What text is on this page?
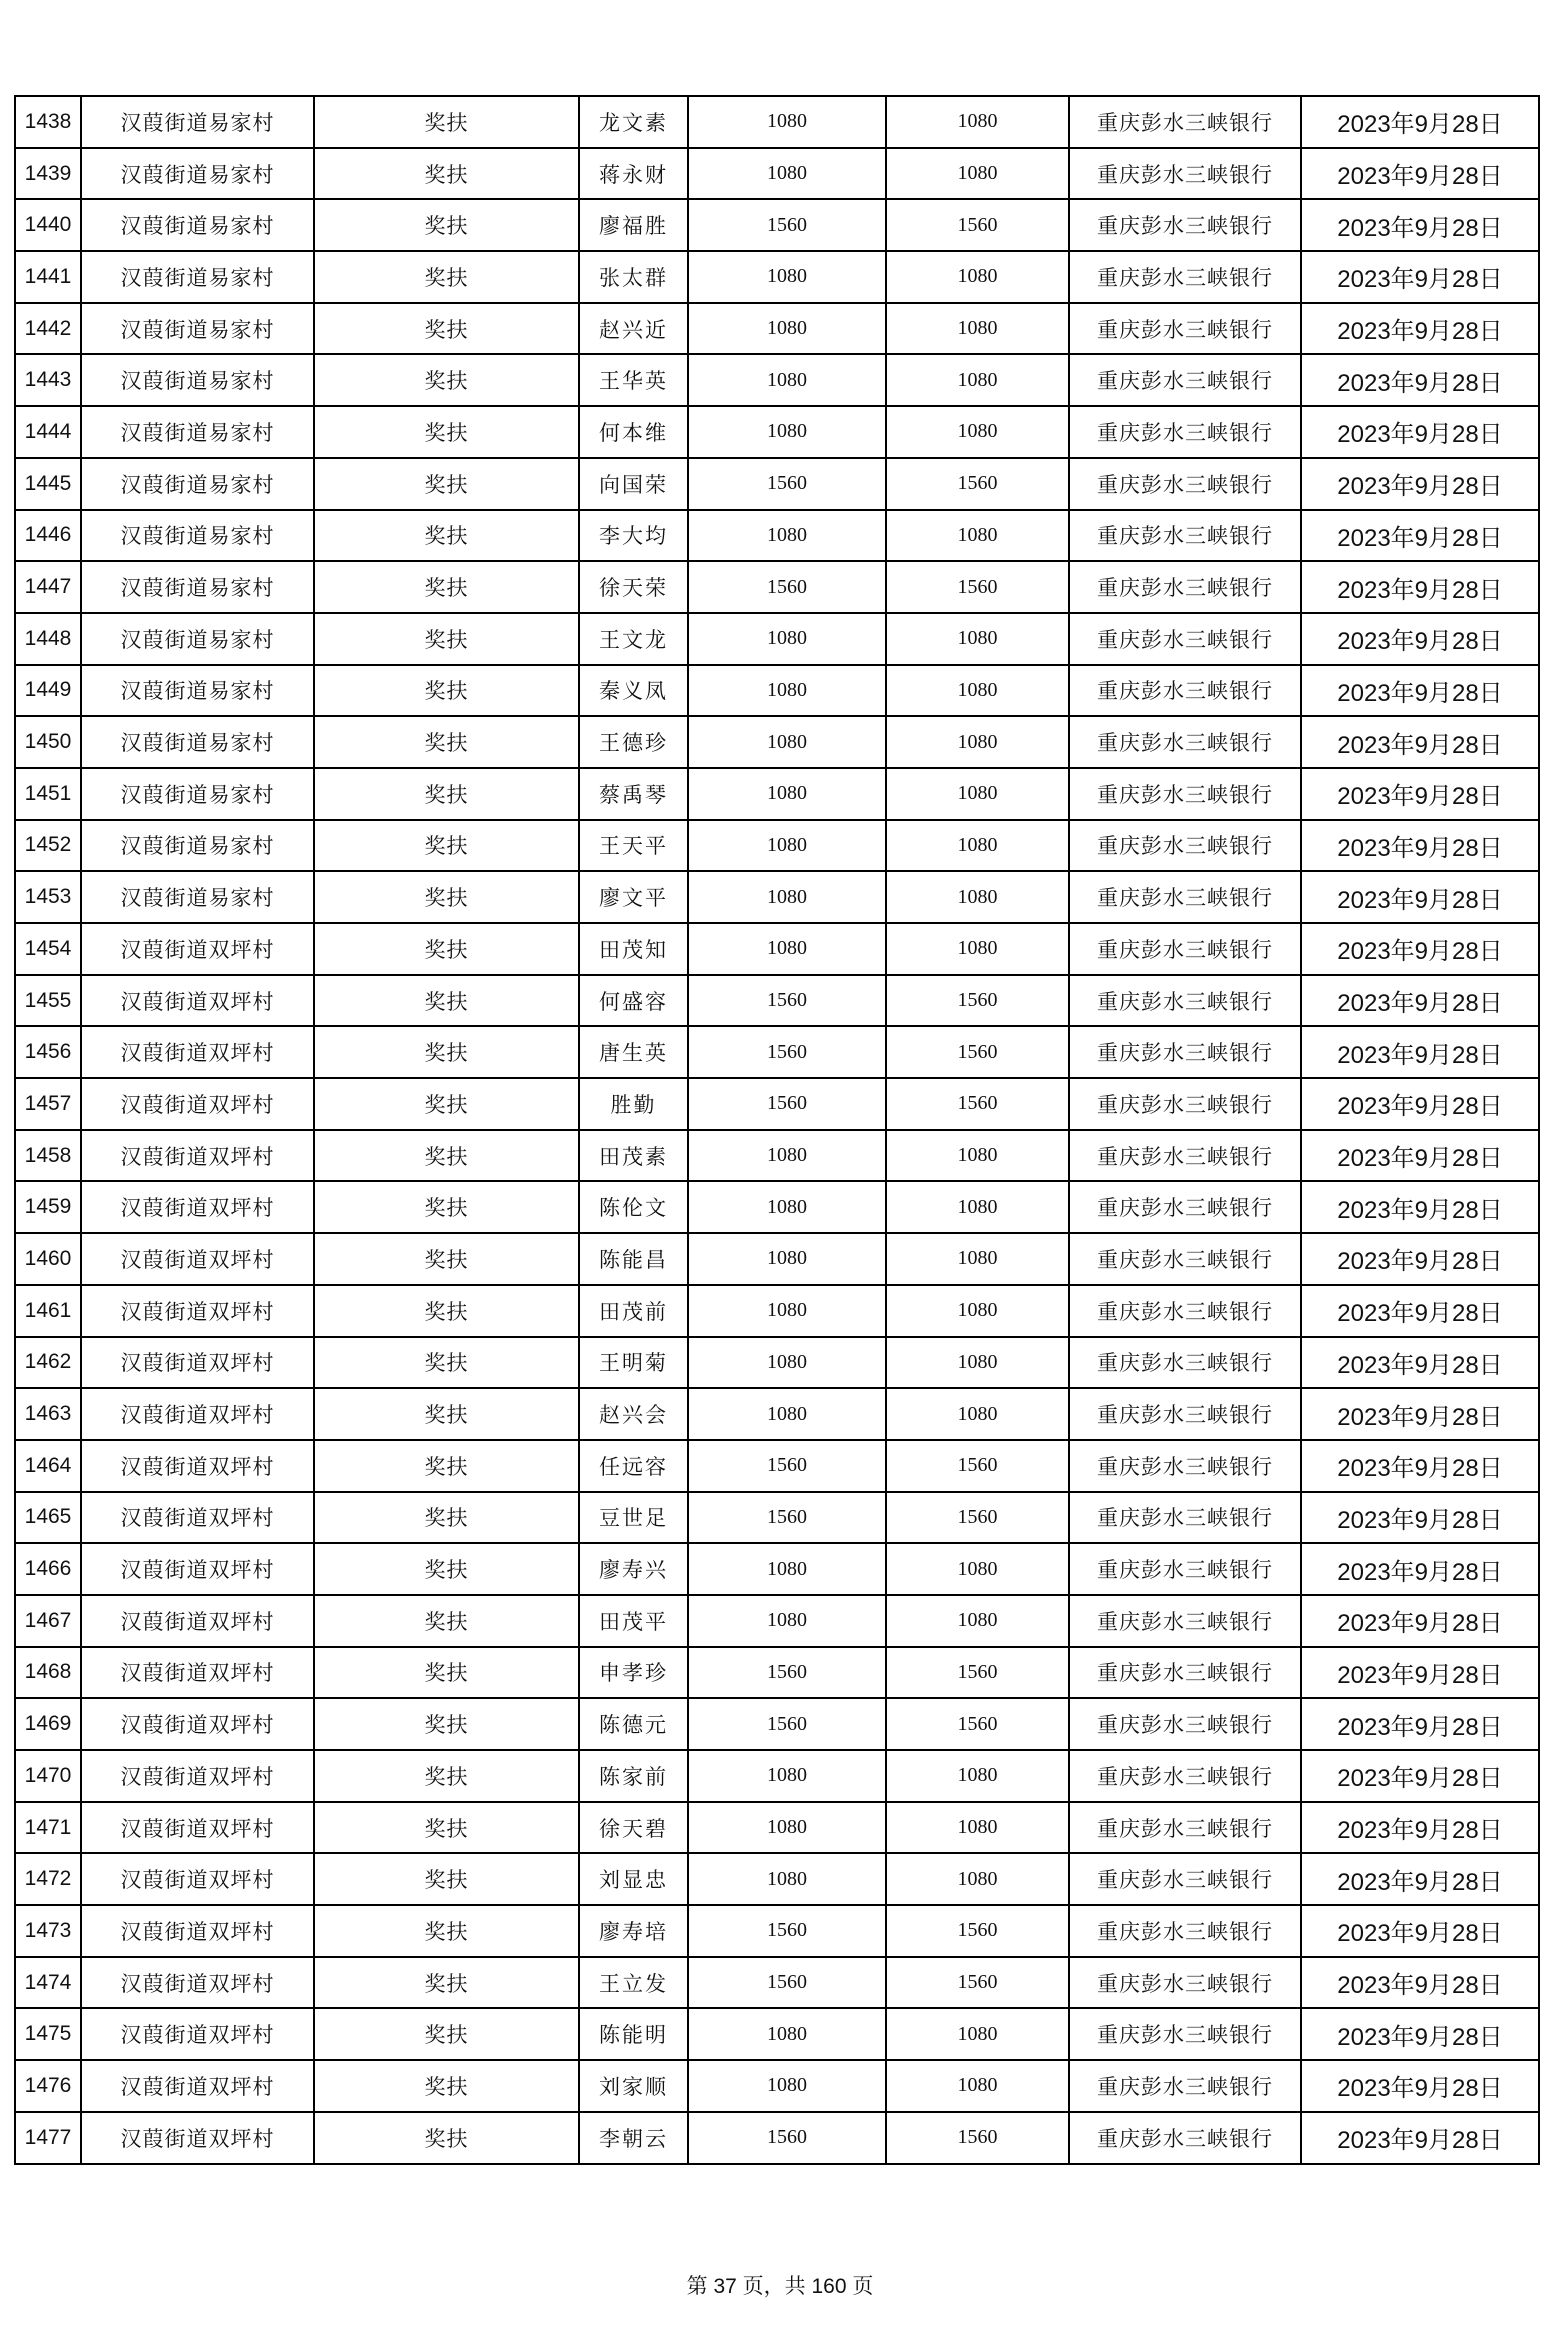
1438	汉葭街道易家村	奖扶	龙文素	1080	1080	重庆彭水三峡银行	2023年9月28日
1439	汉葭街道易家村	奖扶	蒋永财	1080	1080	重庆彭水三峡银行	2023年9月28日
1440	汉葭街道易家村	奖扶	廖福胜	1560	1560	重庆彭水三峡银行	2023年9月28日
1441	汉葭街道易家村	奖扶	张太群	1080	1080	重庆彭水三峡银行	2023年9月28日
1442	汉葭街道易家村	奖扶	赵兴近	1080	1080	重庆彭水三峡银行	2023年9月28日
1443	汉葭街道易家村	奖扶	王华英	1080	1080	重庆彭水三峡银行	2023年9月28日
1444	汉葭街道易家村	奖扶	何本维	1080	1080	重庆彭水三峡银行	2023年9月28日
1445	汉葭街道易家村	奖扶	向国荣	1560	1560	重庆彭水三峡银行	2023年9月28日
1446	汉葭街道易家村	奖扶	李大均	1080	1080	重庆彭水三峡银行	2023年9月28日
1447	汉葭街道易家村	奖扶	徐天荣	1560	1560	重庆彭水三峡银行	2023年9月28日
1448	汉葭街道易家村	奖扶	王文龙	1080	1080	重庆彭水三峡银行	2023年9月28日
1449	汉葭街道易家村	奖扶	秦义凤	1080	1080	重庆彭水三峡银行	2023年9月28日
1450	汉葭街道易家村	奖扶	王德珍	1080	1080	重庆彭水三峡银行	2023年9月28日
1451	汉葭街道易家村	奖扶	蔡禹琴	1080	1080	重庆彭水三峡银行	2023年9月28日
1452	汉葭街道易家村	奖扶	王天平	1080	1080	重庆彭水三峡银行	2023年9月28日
1453	汉葭街道易家村	奖扶	廖文平	1080	1080	重庆彭水三峡银行	2023年9月28日
1454	汉葭街道双坪村	奖扶	田茂知	1080	1080	重庆彭水三峡银行	2023年9月28日
1455	汉葭街道双坪村	奖扶	何盛容	1560	1560	重庆彭水三峡银行	2023年9月28日
1456	汉葭街道双坪村	奖扶	唐生英	1560	1560	重庆彭水三峡银行	2023年9月28日
1457	汉葭街道双坪村	奖扶	胜勤	1560	1560	重庆彭水三峡银行	2023年9月28日
1458	汉葭街道双坪村	奖扶	田茂素	1080	1080	重庆彭水三峡银行	2023年9月28日
1459	汉葭街道双坪村	奖扶	陈伦文	1080	1080	重庆彭水三峡银行	2023年9月28日
1460	汉葭街道双坪村	奖扶	陈能昌	1080	1080	重庆彭水三峡银行	2023年9月28日
1461	汉葭街道双坪村	奖扶	田茂前	1080	1080	重庆彭水三峡银行	2023年9月28日
1462	汉葭街道双坪村	奖扶	王明菊	1080	1080	重庆彭水三峡银行	2023年9月28日
1463	汉葭街道双坪村	奖扶	赵兴会	1080	1080	重庆彭水三峡银行	2023年9月28日
1464	汉葭街道双坪村	奖扶	任远容	1560	1560	重庆彭水三峡银行	2023年9月28日
1465	汉葭街道双坪村	奖扶	豆世足	1560	1560	重庆彭水三峡银行	2023年9月28日
1466	汉葭街道双坪村	奖扶	廖寿兴	1080	1080	重庆彭水三峡银行	2023年9月28日
1467	汉葭街道双坪村	奖扶	田茂平	1080	1080	重庆彭水三峡银行	2023年9月28日
1468	汉葭街道双坪村	奖扶	申孝珍	1560	1560	重庆彭水三峡银行	2023年9月28日
1469	汉葭街道双坪村	奖扶	陈德元	1560	1560	重庆彭水三峡银行	2023年9月28日
1470	汉葭街道双坪村	奖扶	陈家前	1080	1080	重庆彭水三峡银行	2023年9月28日
1471	汉葭街道双坪村	奖扶	徐天碧	1080	1080	重庆彭水三峡银行	2023年9月28日
1472	汉葭街道双坪村	奖扶	刘显忠	1080	1080	重庆彭水三峡银行	2023年9月28日
1473	汉葭街道双坪村	奖扶	廖寿培	1560	1560	重庆彭水三峡银行	2023年9月28日
1474	汉葭街道双坪村	奖扶	王立发	1560	1560	重庆彭水三峡银行	2023年9月28日
1475	汉葭街道双坪村	奖扶	陈能明	1080	1080	重庆彭水三峡银行	2023年9月28日
1476	汉葭街道双坪村	奖扶	刘家顺	1080	1080	重庆彭水三峡银行	2023年9月28日
1477	汉葭街道双坪村	奖扶	李朝云	1560	1560	重庆彭水三峡银行	2023年9月28日
第 37 页，共 160 页
